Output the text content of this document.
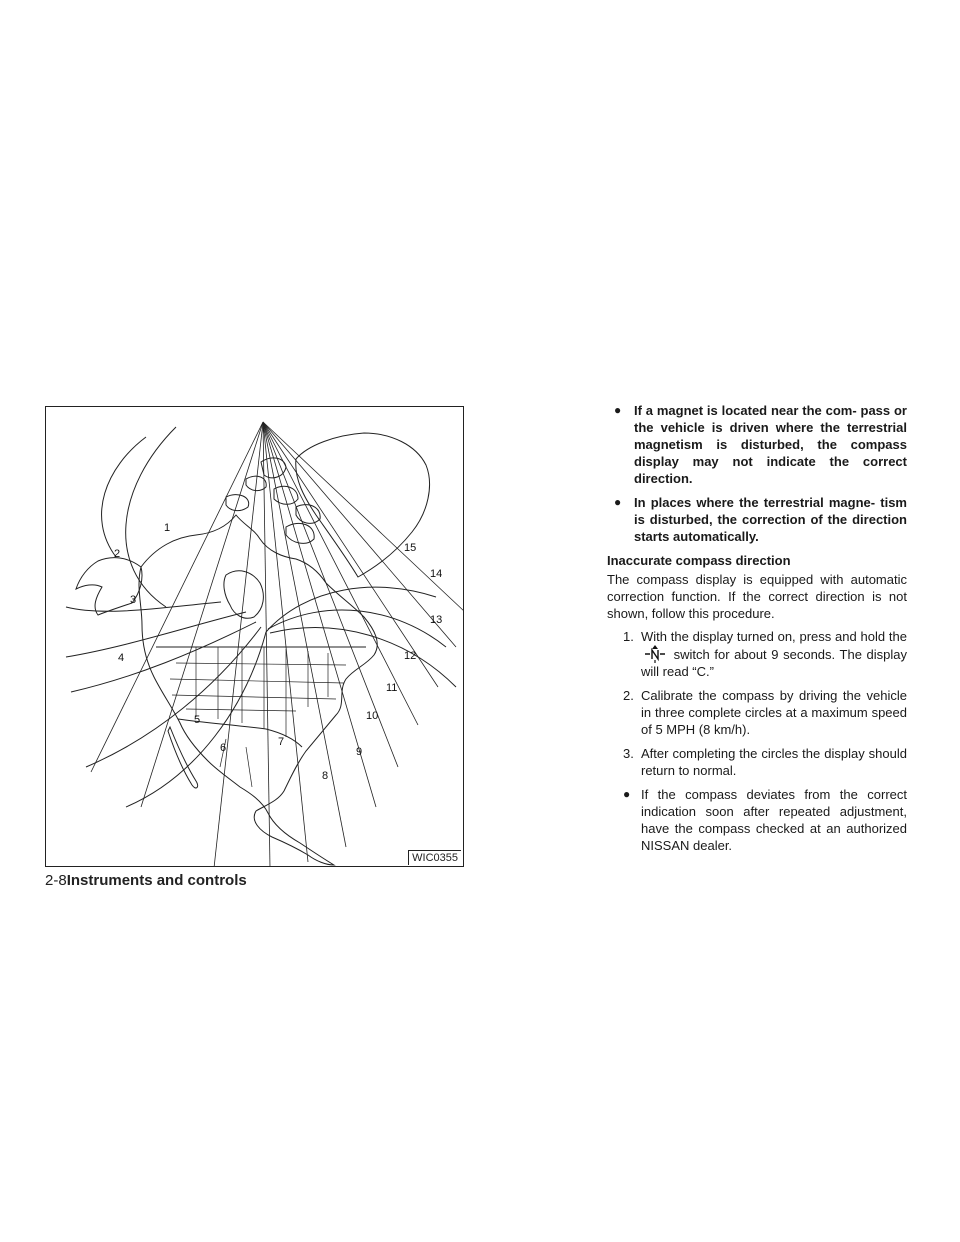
1
2
3
4
5
6	7
8
9
10
11
12
13
14
15
WIC0355
2-8Instruments and controls
● If a magnet is located near the com- pass or the vehicle is driven where the terrestrial magnetism is disturbed, the compass display may not indicate the correct direction.
● In places where the terrestrial magne- tism is disturbed, the correction of the direction starts automatically.
Inaccurate compass direction
The compass display is equipped with automatic correction function. If the correct direction is not shown, follow this procedure.
1. With the display turned on, press and hold the  switch for about 9 seconds. The display will read “C.”
2. Calibrate the compass by driving the vehicle in three complete circles at a maximum speed of 5 MPH (8 km/h).
3. After completing the circles the display should return to normal.
● If the compass deviates from the correct indication soon after repeated adjustment, have the compass checked at an authorized NISSAN dealer.
